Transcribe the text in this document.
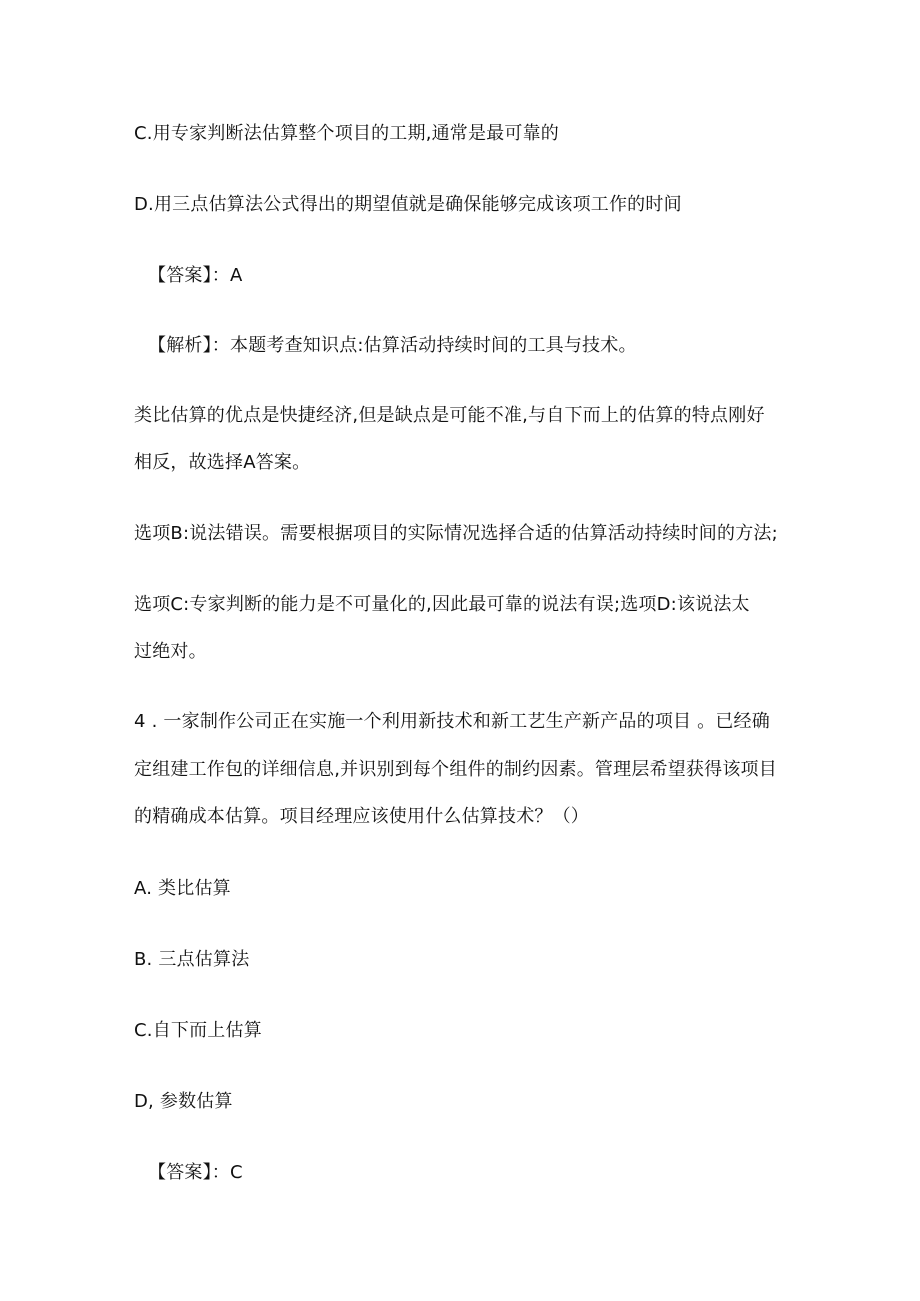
C.用专家判断法估算整个项目的工期,通常是最可靠的
D.用三点估算法公式得出的期望值就是确保能够完成该项工作的时间
【答案】：A
【解析】：本题考查知识点:估算活动持续时间的工具与技术。
类比估算的优点是快捷经济,但是缺点是可能不准,与自下而上的估算的特点刚好
相反，故选择A答案。
选项B:说法错误。需要根据项目的实际情况选择合适的估算活动持续时间的方法;
选项C:专家判断的能力是不可量化的,因此最可靠的说法有误;选项D:该说法太
过绝对。
4 . 一家制作公司正在实施一个利用新技术和新工艺生产新产品的项目 。已经确
定组建工作包的详细信息,并识别到每个组件的制约因素。管理层希望获得该项目
的精确成本估算。项目经理应该使用什么估算技术？（）
A. 类比估算
B. 三点估算法
C.自下而上估算
D, 参数估算
【答案】：C
